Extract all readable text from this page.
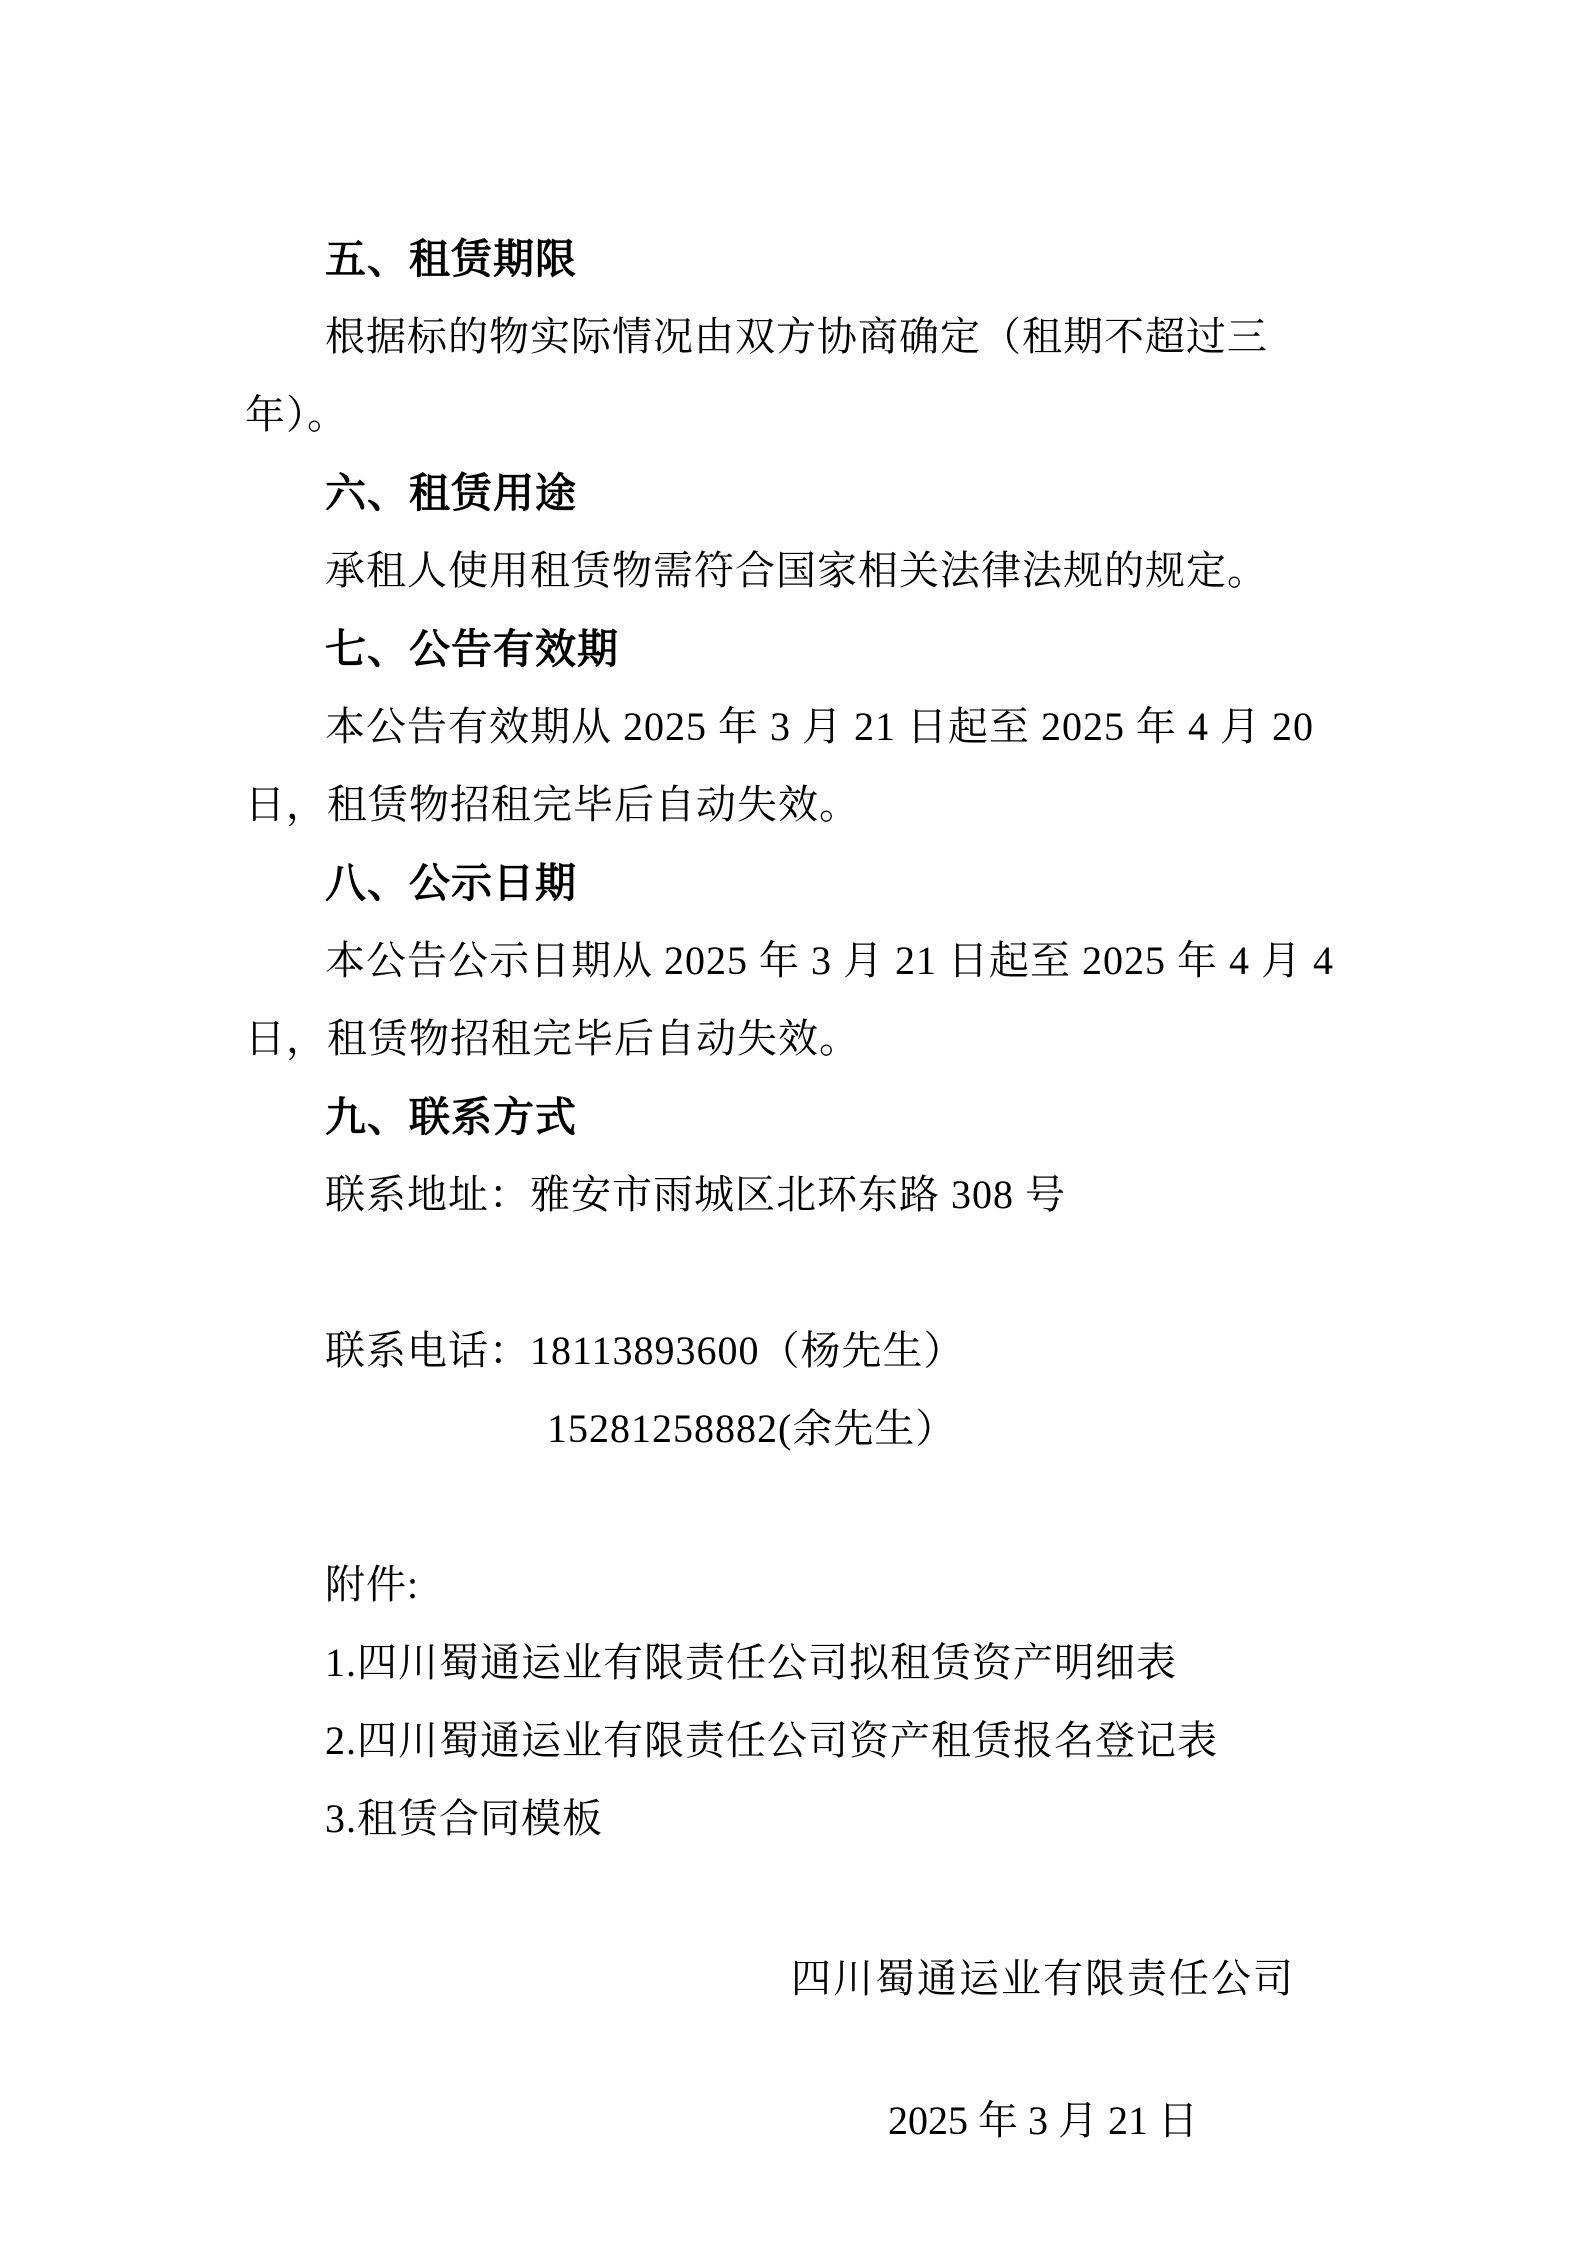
五、租赁期限
根据标的物实际情况由双方协商确定（租期不超过三
年）。
六、租赁用途
承租人使用租赁物需符合国家相关法律法规的规定。
七、公告有效期
本公告有效期从 2025 年 3 月 21 日起至 2025 年 4 月 20
日，租赁物招租完毕后自动失效。
八、公示日期
本公告公示日期从 2025 年 3 月 21 日起至 2025 年 4 月 4
日，租赁物招租完毕后自动失效。
九、联系方式
联系地址：雅安市雨城区北环东路 308 号
联系电话：18113893600（杨先生）
15281258882(余先生）
附件:
1.四川蜀通运业有限责任公司拟租赁资产明细表
2.四川蜀通运业有限责任公司资产租赁报名登记表
3.租赁合同模板
四川蜀通运业有限责任公司
2025 年 3 月 21 日
